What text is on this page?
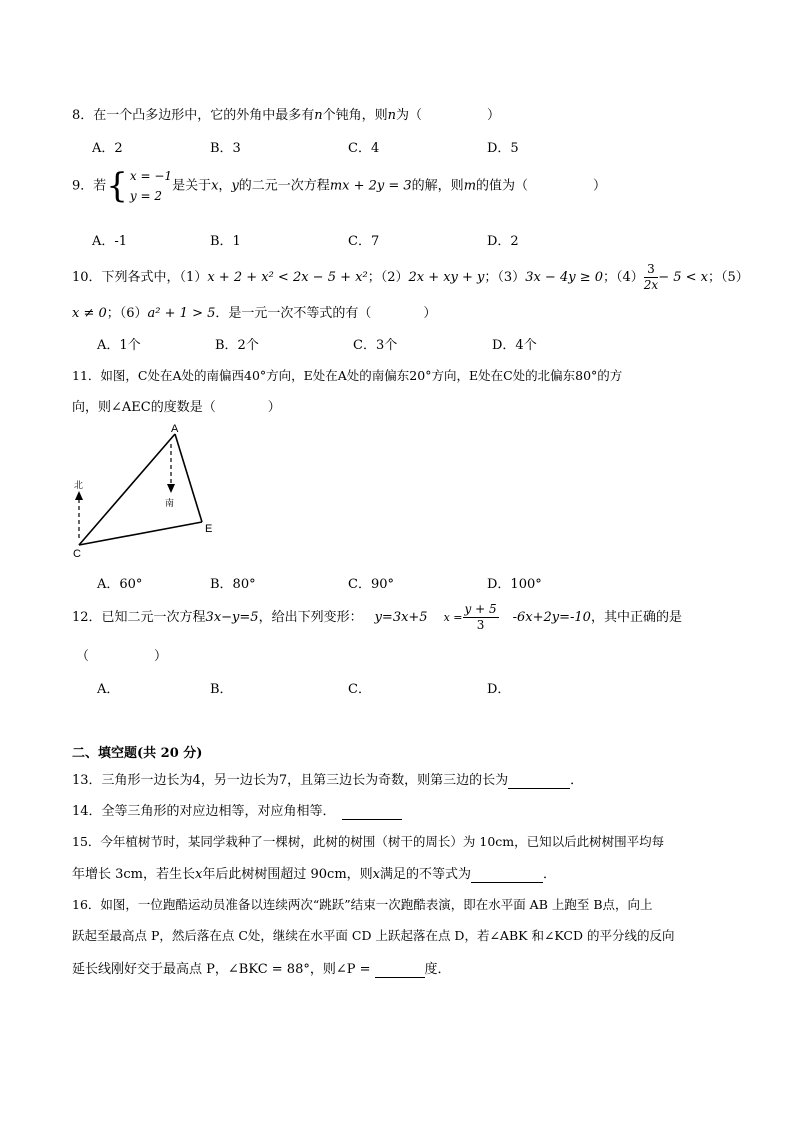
8．在一个凸多边形中，它的外角中最多有n个钝角，则n为（　　　　　）
A．2	B．3	C．4	D．5
9．若{ x = −1
y = 2是关于x，y的二元一次方程mx + 2y = 3的解，则m的值为（　　　　　）
A．-1	B．1	C．7	D．2
10．下列各式中，（1）x + 2 + x² < 2x − 5 + x²；（2）2x + xy + y；（3）3x − 4y ≥ 0；$(4) \frac{3}{2x} - 5 < x$；（5）
x ≠ 0；（6）a² + 1 > 5．是一元一次不等式的有（　　　　）
A．1个	B．2个	C．3个	D．4个
11．如图，C处在A处的南偏西40°方向，E处在A处的南偏东20°方向，E处在C处的北偏东80°的方
向，则∠AEC的度数是（　　　　）
A
C
E
北
南
A．60°	B．80°	C．90°	D．100°
12．已知二元一次方程3x−y=5，给出下列变形： y=3x+5 $x = \frac{y + 5}{3} -6x+2y=-10$，其中正确的是
（　　　　　）
A．	B．	C．	D．
二、填空题(共 20 分)
13．三角形一边长为4，另一边长为7，且第三边长为奇数，则第三边的长为	．
14．全等三角形的对应边相等，对应角相等．
15．今年植树节时，某同学栽种了一棵树，此树的树围（树干的周长）为 10cm，已知以后此树树围平均每
年增长 3cm，若生长x年后此树树围超过 90cm，则x满足的不等式为	．
16．如图，一位跑酷运动员准备以连续两次“跳跃”结束一次跑酷表演，即在水平面 AB 上跑至 B点，向上
跃起至最高点 P，然后落在点 C处，继续在水平面 CD 上跃起落在点 D，若∠ABK 和∠KCD 的平分线的反向
延长线刚好交于最高点 P，∠BKC = 88°，则∠P =	度．
